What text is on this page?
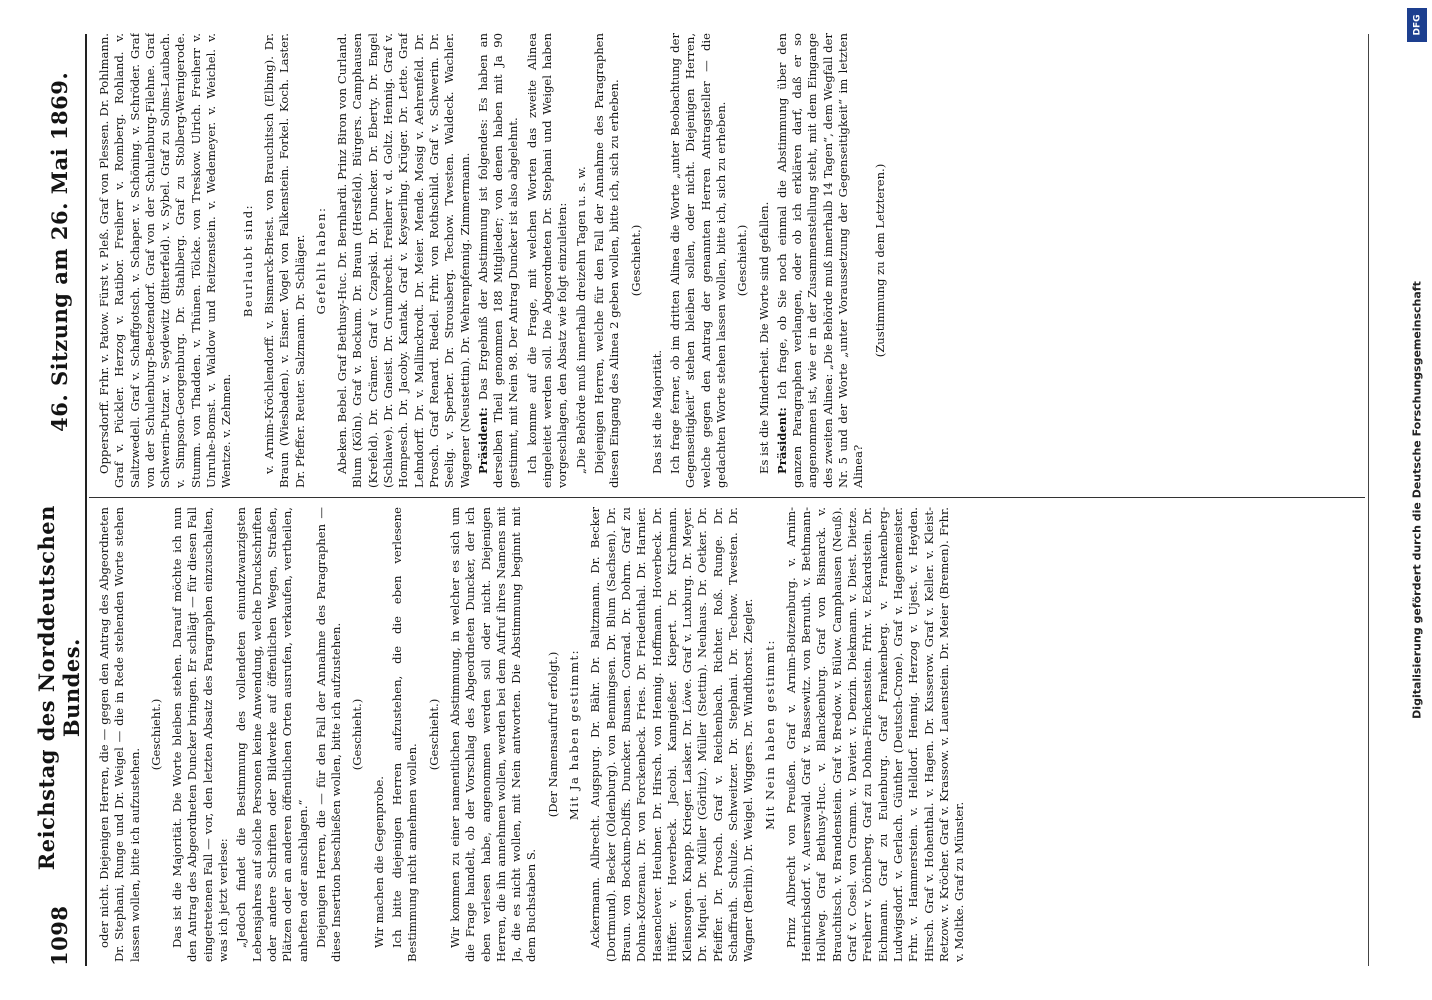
1098
Reichstag des Norddeutschen Bundes.
46. Sitzung am 26. Mai 1869.

oder nicht. Diejenigen Herren, die — gegen den Antrag des Abgeordneten Dr. Stephani, Runge und Dr. Weigel — die in Rede stehenden Worte stehen lassen wollen, bitte ich aufzustehen.

(Geschieht.) Das ist die Majorität. Die Worte bleiben stehen. Darauf möchte ich nun den Antrag des Abgeordneten Duncker bringen. Er schlägt — für diesen Fall eingetretenen Fall — vor, den letzten Absatz des Paragraphen einzuschalten, was ich jetzt verlese: „Jedoch findet die Bestimmung des vollendeten einundzwanzigsten Lebensjahres auf solche Personen keine Anwendung, welche Druckschriften oder andere Schriften oder Bildwerke auf öffentlichen Wegen, Straßen, Plätzen oder an anderen öffentlichen Orten ausrufen, verkaufen, vertheilen, anheften oder anschlagen.“ Diejenigen Herren, die — für den Fall der Annahme des Paragraphen — diese Insertion beschließen wollen, bitte ich aufzustehen. (Geschieht.)

Wir machen die Gegenprobe. Ich bitte diejenigen Herren aufzustehen, die die eben verlesene Bestimmung nicht annehmen wollen.

(Geschieht.) Wir kommen zu einer namentlichen Abstimmung, in welcher es sich um die Frage handelt, ob der Vorschlag des Abgeordneten Duncker, der ich eben verlesen habe, angenommen werden soll oder nicht. Diejenigen Herren, die ihn annehmen wollen, werden bei dem Aufruf ihres Namens mit Ja, die es nicht wollen, mit Nein antworten. Die Abstimmung beginnt mit dem Buchstaben S.

(Der Namensaufruf erfolgt.) Mit Ja haben gestimmt: Ackermann. Albrecht. Augspurg. Dr. Bähr. Dr. Baltzmann. Dr. Becker (Dortmund). Becker (Oldenburg). von Benningsen. Dr. Blum (Sachsen). Dr. Braun. von Bockum-Dolffs. Duncker. Bunsen. Conrad. Dr. Dohrn. Graf zu Dohna-Kotzenau. Dr. von Forckenbeck. Fries. Dr. Friedenthal. Dr. Harnier. Hasenclever. Heubner. Dr. Hirsch. von Hennig. Hoffmann. Hoverbeck. Dr. Hüffer. v. Hoverbeck. Jacobi. Kanngießer. Kiepert. Dr. Kirchmann. Kleinsorgen. Knapp. Krieger. Lasker. Dr. Löwe. Graf v. Luxburg. Dr. Meyer. Dr. Miquel. Dr. Müller (Görlitz). Müller (Stettin). Neuhaus. Dr. Oetker. Dr. Pfeiffer. Dr. Prosch. Graf v. Reichenbach. Richter. Roß. Runge. Dr. Schaffrath. Schulze. Schweitzer. Dr. Stephani. Dr. Techow. Twesten. Dr. Wagner (Berlin). Dr. Weigel. Wiggers. Dr. Windthorst. Ziegler. Mit Nein haben gestimmt: Prinz Albrecht von Preußen. Graf v. Arnim-Boitzenburg. v. Arnim-Heinrichsdorf. v. Auerswald. Graf v. Bassewitz. von Bernuth. v. Bethmann-Hollweg. Graf Bethusy-Huc. v. Blanckenburg. Graf von Bismarck. v. Brauchitsch. v. Brandenstein. Graf v. Bredow. v. Bülow. Camphausen (Neuß). Graf v. Cosel. von Cramm. v. Davier. v. Denzin. Diekmann. v. Diest. Dietze. Freiherr v. Dörnberg. Graf zu Dohna-Finckenstein. Frhr. v. Eckardstein. Dr. Eichmann. Graf zu Eulenburg. Graf Frankenberg. v. Frankenberg-Ludwigsdorf. v. Gerlach. Günther (Deutsch-Crone). Graf v. Hagenemeister. Frhr. v. Hammerstein. v. Helldorf. Hennig. Herzog v. Ujest. v. Heyden. Hirsch. Graf v. Hohenthal. v. Hagen. Dr. Kusserow. Graf v. Keller. v. Kleist-Retzow. v. Kröcher. Graf v. Krassow. v. Lauenstein. Dr. Meier (Bremen). Frhr. v. Moltke. Graf zu Münster.

Oppersdorff. Frhr. v. Patow. Fürst v. Pleß. Graf von Plessen. Dr. Pohlmann. Graf v. Pückler. Herzog v. Ratibor. Freiherr v. Romberg. Rohland. v. Saltzwedell. Graf v. Schaffgotsch. v. Schaper. v. Schöning. v. Schröder. Graf von der Schulenburg-Beetzendorf. Graf von der Schulenburg-Filehne. Graf Schwerin-Putzar. v. Seydewitz (Bitterfeld). v. Sybel. Graf zu Solms-Laubach. v. Simpson-Georgenburg. Dr. Stahlberg. Graf zu Stolberg-Wernigerode. Stumm. von Thadden. v. Thünen. Tölcke. von Treskow. Ulrich. Freiherr v. Unruhe-Bomst. v. Waldow und Reitzenstein. v. Wedemeyer. v. Weichel. v. Wentze. v. Zehmen.

Beurlaubt sind: v. Arnim-Kröchlendorff. v. Bismarck-Briest. von Brauchitsch (Elbing). Dr. Braun (Wiesbaden). v. Eisner. Vogel von Falkenstein. Forkel. Koch. Laster. Dr. Pfeffer. Reuter. Salzmann. Dr. Schläger. Gefehlt haben: Abeken. Bebel. Graf Bethusy-Huc. Dr. Bernhardi. Prinz Biron von Curland. Blum (Köln). Graf v. Bockum. Dr. Braun (Hersfeld). Bürgers. Camphausen (Krefeld). Dr. Crämer. Graf v. Czapski. Dr. Duncker. Dr. Eberty. Dr. Engel (Schlawe). Dr. Gneist. Dr. Grumbrecht. Freiherr v. d. Goltz. Hennig. Graf v. Hompesch. Dr. Jacoby. Kantak. Graf v. Keyserling. Krüger. Dr. Lette. Graf Lehndorff. Dr. v. Mallinckrodt. Dr. Meier. Mende. Mosig v. Aehrenfeld. Dr. Prosch. Graf Renard. Riedel. Frhr. von Rothschild. Graf v. Schwerin. Dr. Seelig. v. Sperber. Dr. Strousberg. Techow. Twesten. Waldeck. Wachler. Wagener (Neustettin). Dr. Wehrenpfennig. Zimmermann. Präsident: Das Ergebniß der Abstimmung ist folgendes: Es haben an derselben Theil genommen 188 Mitglieder; von denen haben mit Ja 90 gestimmt, mit Nein 98. Der Antrag Duncker ist also abgelehnt. Ich komme auf die Frage, mit welchen Worten das zweite Alinea eingeleitet werden soll. Die Abgeordneten Dr. Stephani und Weigel haben vorgeschlagen, den Absatz wie folgt einzuleiten: „Die Behörde muß innerhalb dreizehn Tagen u. s. w. Diejenigen Herren, welche für den Fall der Annahme des Paragraphen diesen Eingang des Alinea 2 geben wollen, bitte ich, sich zu erheben. (Geschieht.)

Das ist die Majorität. Ich frage ferner, ob im dritten Alinea die Worte „unter Beobachtung der Gegenseitigkeit“ stehen bleiben sollen, oder nicht. Diejenigen Herren, welche gegen den Antrag der genannten Herren Antragsteller — die gedachten Worte stehen lassen wollen, bitte ich, sich zu erheben. (Geschieht.) Es ist die Minderheit. Die Worte sind gefallen. Präsident: Ich frage, ob Sie noch einmal die Abstimmung über den ganzen Paragraphen verlangen, oder ob ich erklären darf, daß er so angenommen ist, wie er in der Zusammenstellung steht, mit dem Eingange des zweiten Alinea: „Die Behörde muß innerhalb 14 Tagen“, dem Wegfall der Nr. 5 und der Worte „unter Voraussetzung der Gegenseitigkeit“ im letzten Alinea?

(Zustimmung zu dem Letzteren.)

DFG
Digitalisierung gefördert durch die Deutsche Forschungsgemeinschaft
